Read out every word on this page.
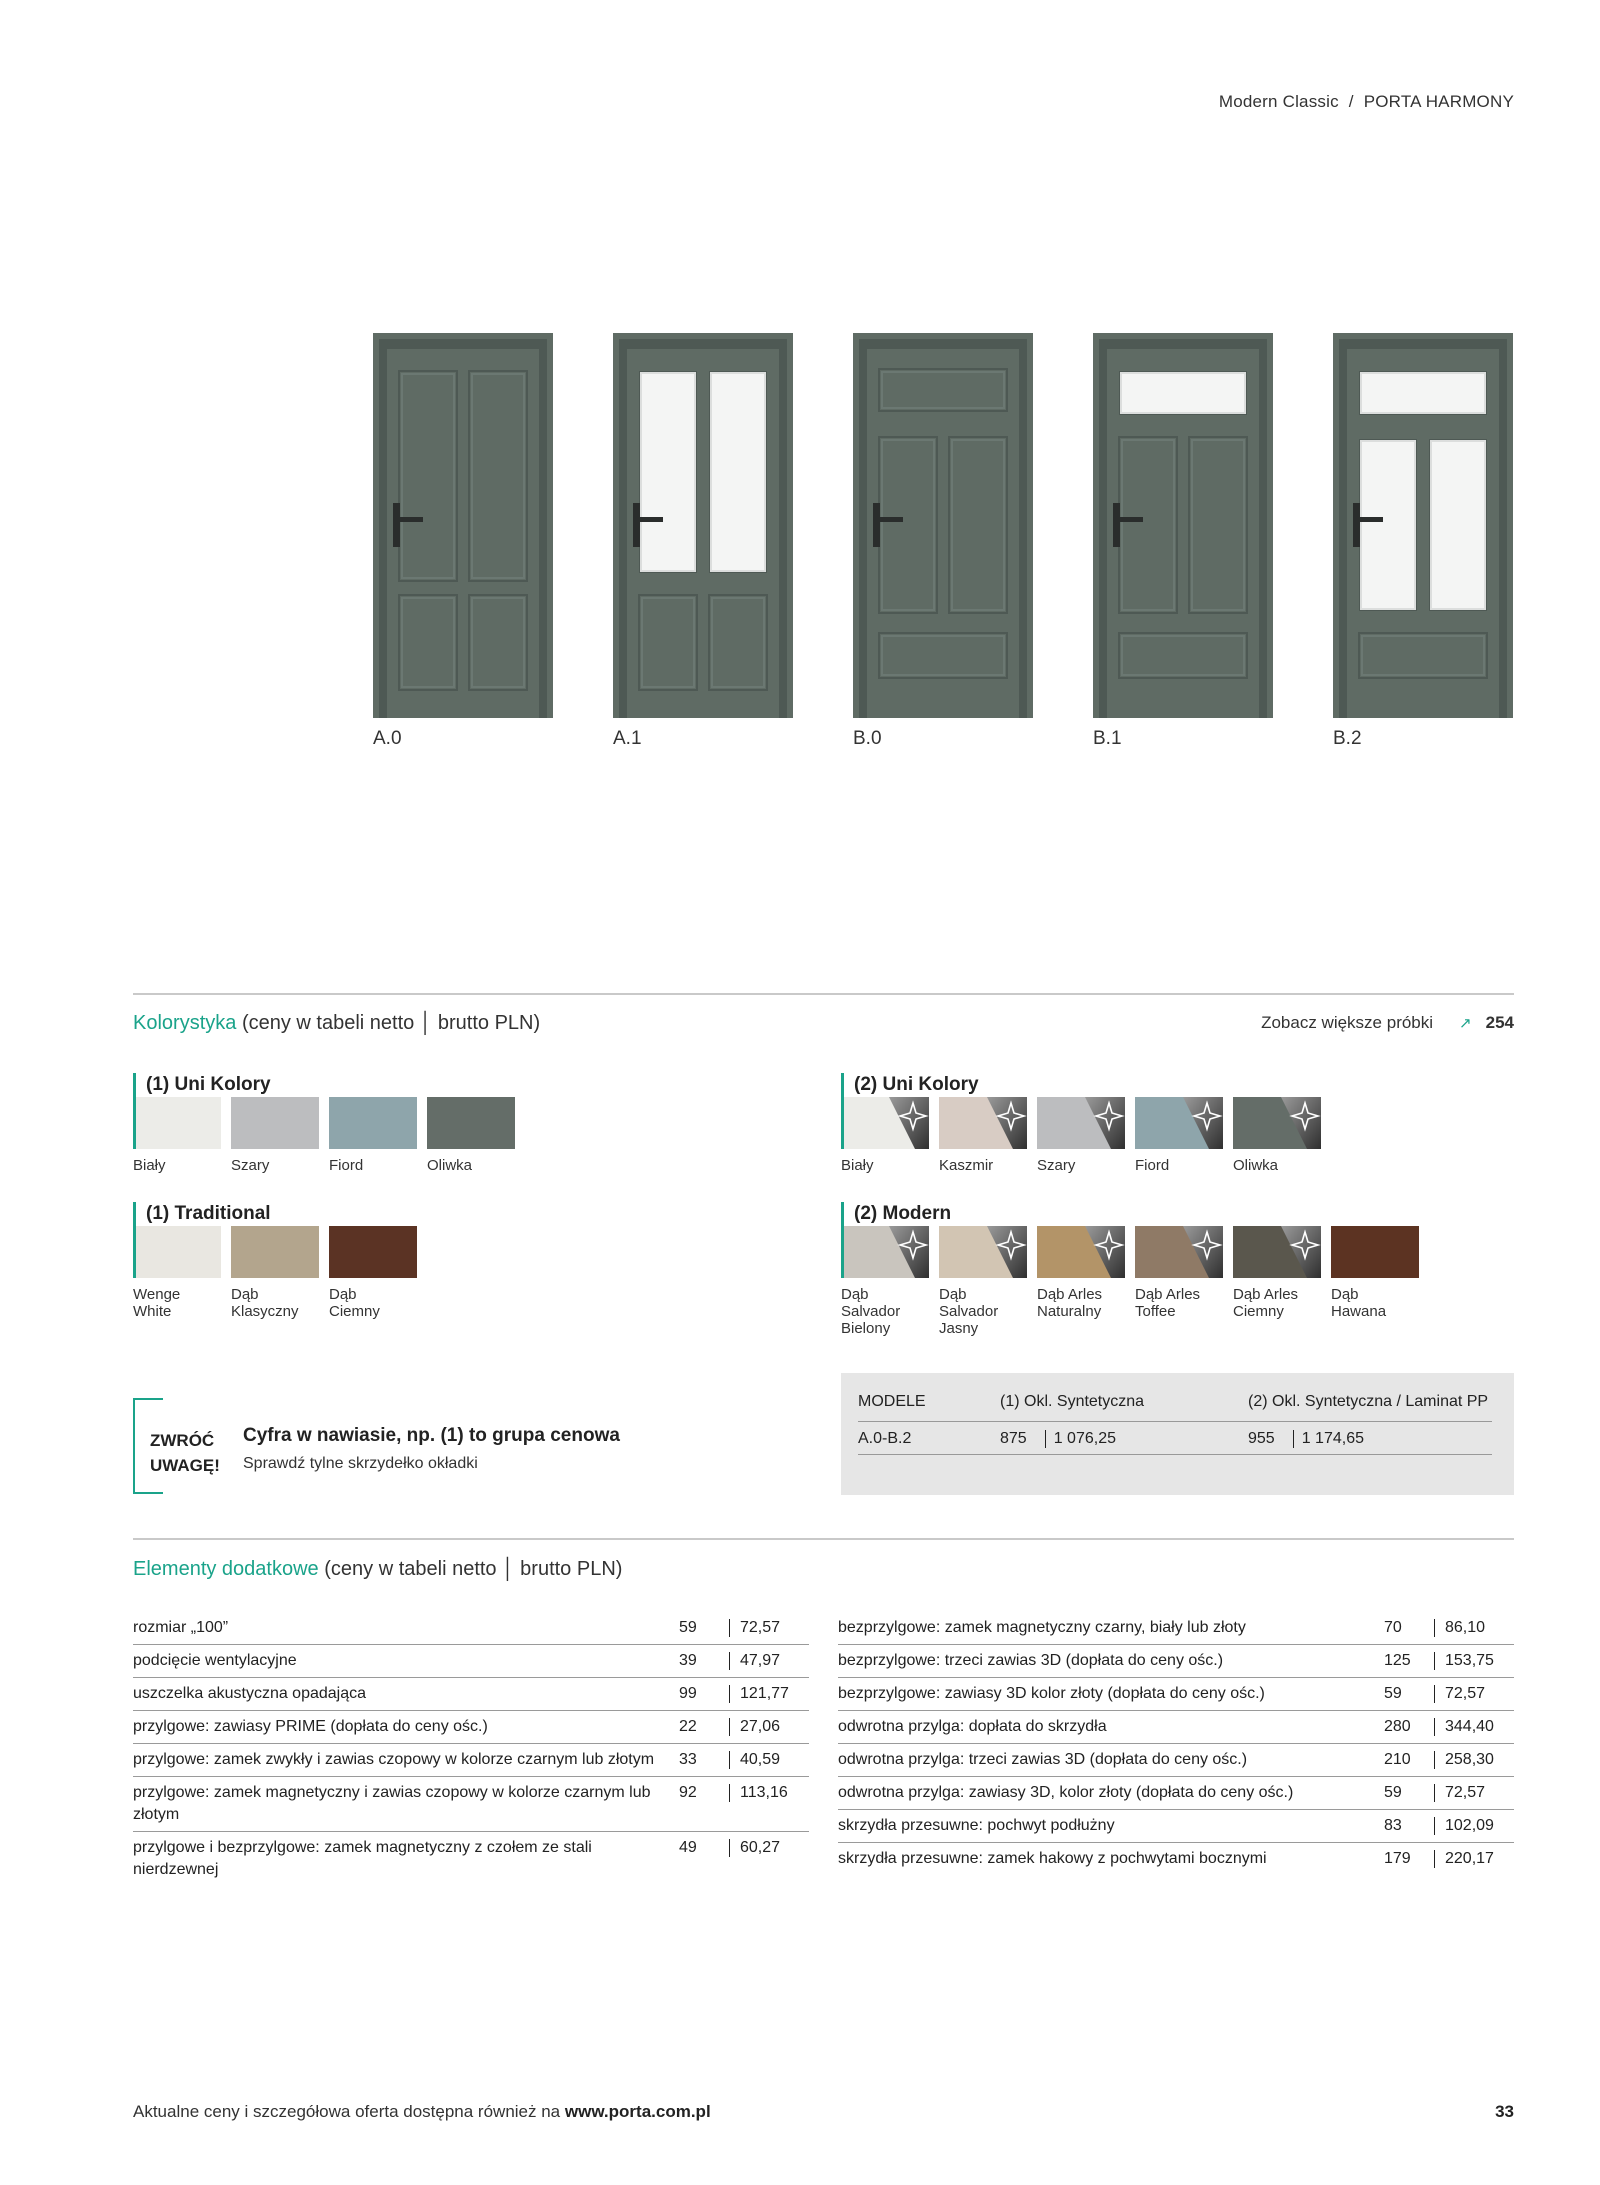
Modern Classic / PORTA HARMONY
A.0	A.1	B.0	B.1	B.2
Kolorystyka (ceny w tabeli netto │ brutto PLN)	Zobacz większe próbki ↗ 254
(1) Uni Kolory
Biały	Szary	Fiord	Oliwka
(2) Uni Kolory
Biały	Kaszmir	Szary	Fiord	Oliwka
(1) Traditional
Wenge White
Dąb Klasyczny
Dąb Ciemny
(2) Modern
Dąb Salvador Bielony
Dąb Salvador Jasny
Dąb Arles Naturalny
Dąb Arles Toffee
Dąb Arles Ciemny
Dąb Hawana
ZWRÓĆ
UWAGĘ!
Cyfra w nawiasie, np. (1) to grupa cenowa
Sprawdź tylne skrzydełko okładki
MODELE	(1) Okl. Syntetyczna	(2) Okl. Syntetyczna / Laminat PP
A.0-B.2	875 1 076,25	955 1 174,65
Elementy dodatkowe (ceny w tabeli netto │ brutto PLN)
rozmiar „100”	59	72,57
podcięcie wentylacyjne	39	47,97
uszczelka akustyczna opadająca	99	121,77
przylgowe: zawiasy PRIME (dopłata do ceny ośc.)	22	27,06
przylgowe: zamek zwykły i zawias czopowy w kolorze czarnym lub złotym	33	40,59
przylgowe: zamek magnetyczny i zawias czopowy w kolorze czarnym lub złotym	92	113,16
przylgowe i bezprzylgowe: zamek magnetyczny z czołem ze stali nierdzewnej	49	60,27
bezprzylgowe: zamek magnetyczny czarny, biały lub złoty	70	86,10
bezprzylgowe: trzeci zawias 3D (dopłata do ceny ośc.)	125	153,75
bezprzylgowe: zawiasy 3D kolor złoty (dopłata do ceny ośc.)	59	72,57
odwrotna przylga: dopłata do skrzydła	280	344,40
odwrotna przylga: trzeci zawias 3D (dopłata do ceny ośc.)	210	258,30
odwrotna przylga: zawiasy 3D, kolor złoty (dopłata do ceny ośc.)	59	72,57
skrzydła przesuwne: pochwyt podłużny	83	102,09
skrzydła przesuwne: zamek hakowy z pochwytami bocznymi	179	220,17
Aktualne ceny i szczegółowa oferta dostępna również na www.porta.com.pl	33
